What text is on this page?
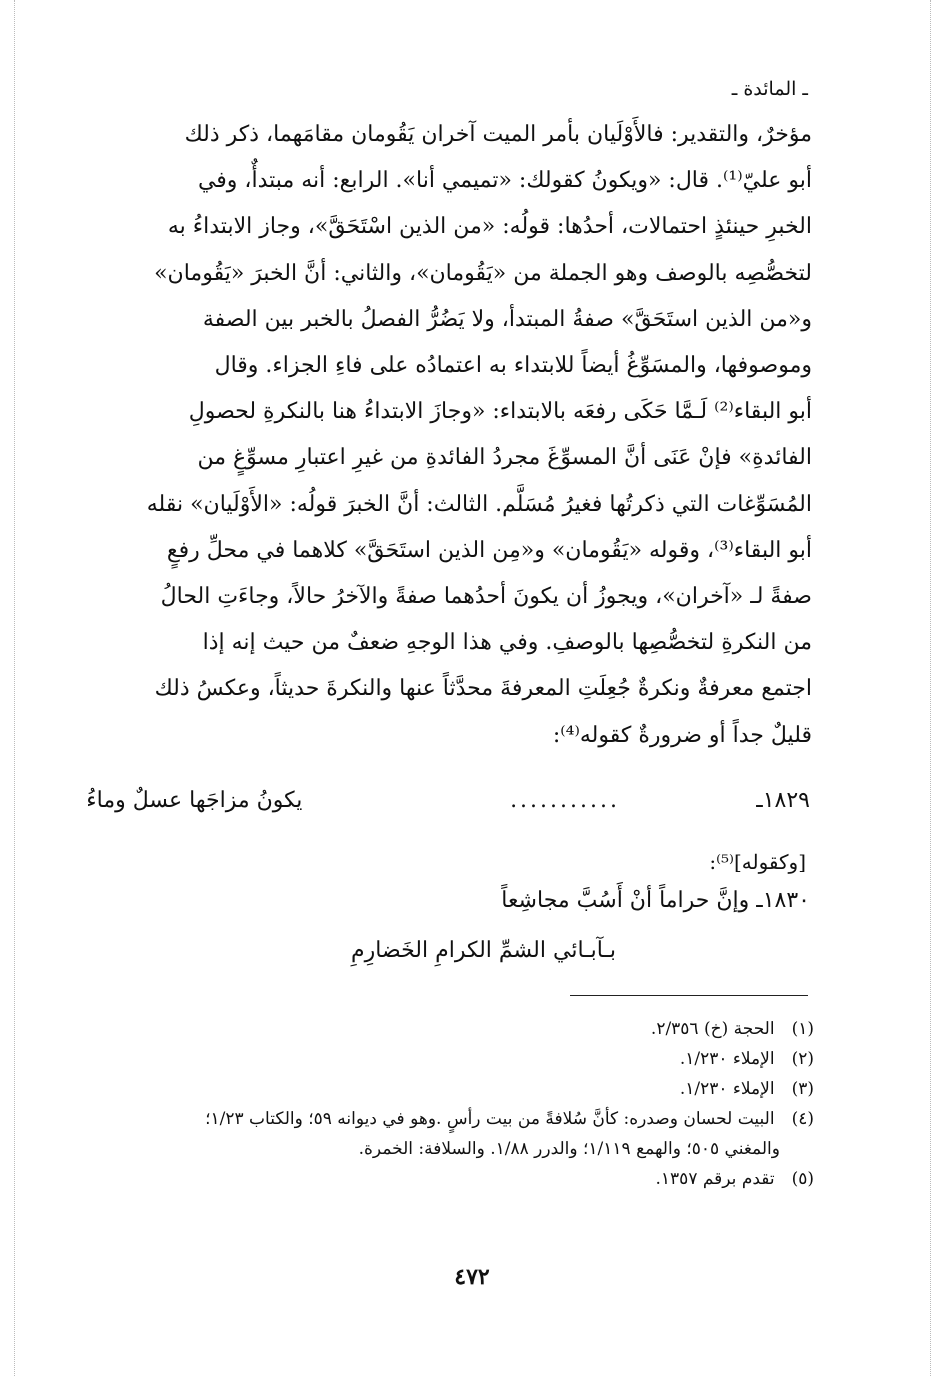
ـ المائدة ـ
مؤخرٌ، والتقدير: فالأَوْلَيان بأمر الميت آخران يَقُومان مقامَهما، ذكر ذلك
أبو عليّ⁽¹⁾. قال: «ويكونُ كقولك: «تميمي أنا». الرابع: أنه مبتدأٌ، وفي
الخبرِ حينئذٍ احتمالات، أحدُها: قولُه: «من الذين اسْتَحَقَّ»، وجاز الابتداءُ به
لتخصُّصِه بالوصف وهو الجملة من «يَقُومان»، والثاني: أنَّ الخبرَ «يَقُومان»
و«من الذين استَحَقَّ» صفةُ المبتدأ، ولا يَضُرُّ الفصلُ بالخبر بين الصفة
وموصوفها، والمسَوِّغُ أيضاً للابتداء به اعتمادُه على فاءِ الجزاء. وقال
أبو البقاء⁽²⁾ لَـمَّا حَكَى رفعَه بالابتداء: «وجازَ الابتداءُ هنا بالنكرةِ لحصولِ
الفائدةِ» فإنْ عَنَى أنَّ المسوِّغَ مجردُ الفائدةِ من غيرِ اعتبارِ مسوِّغٍ من
المُسَوِّغات التي ذكرتُها فغيرُ مُسَلَّم. الثالث: أنَّ الخبرَ قولُه: «الأَوْلَيان» نقله
أبو البقاء⁽³⁾، وقوله «يَقُومان» و«مِن الذين استَحَقَّ» كلاهما في محلِّ رفعٍ
صفةً لـ «آخران»، ويجوزُ أن يكونَ أحدُهما صفةً والآخرُ حالاً، وجاءَتِ الحالُ
من النكرةِ لتخصُّصِها بالوصفِ. وفي هذا الوجهِ ضعفٌ من حيث إنه إذا
اجتمع معرفةٌ ونكرةٌ جُعِلَتِ المعرفةَ محدَّثاً عنها والنكرةَ حديثاً، وعكسُ ذلك
قليلٌ جداً أو ضرورةٌ كقوله⁽⁴⁾:
١٨٢٩ـ
...........
يكونُ مزاجَها عسلٌ وماءُ
[وكقوله]⁽⁵⁾:
١٨٣٠ـ وإنَّ حراماً أنْ أَسُبَّ مجاشِعاً
بـآبـائي الشمِّ الكرامِ الخَضارِمِ
(١) الحجة (خ) ٢/٣٥٦.
(٢) الإملاء ١/٢٣٠.
(٣) الإملاء ١/٢٣٠.
(٤) البيت لحسان وصدره: كأنَّ سُلافةً من بيت رأسٍ .وهو في ديوانه ٥٩؛ والكتاب ١/٢٣؛
والمغني ٥٠٥؛ والهمع ١/١١٩؛ والدرر ١/٨٨. والسلافة: الخمرة.
(٥) تقدم برقم ١٣٥٧.
٤٧٢
